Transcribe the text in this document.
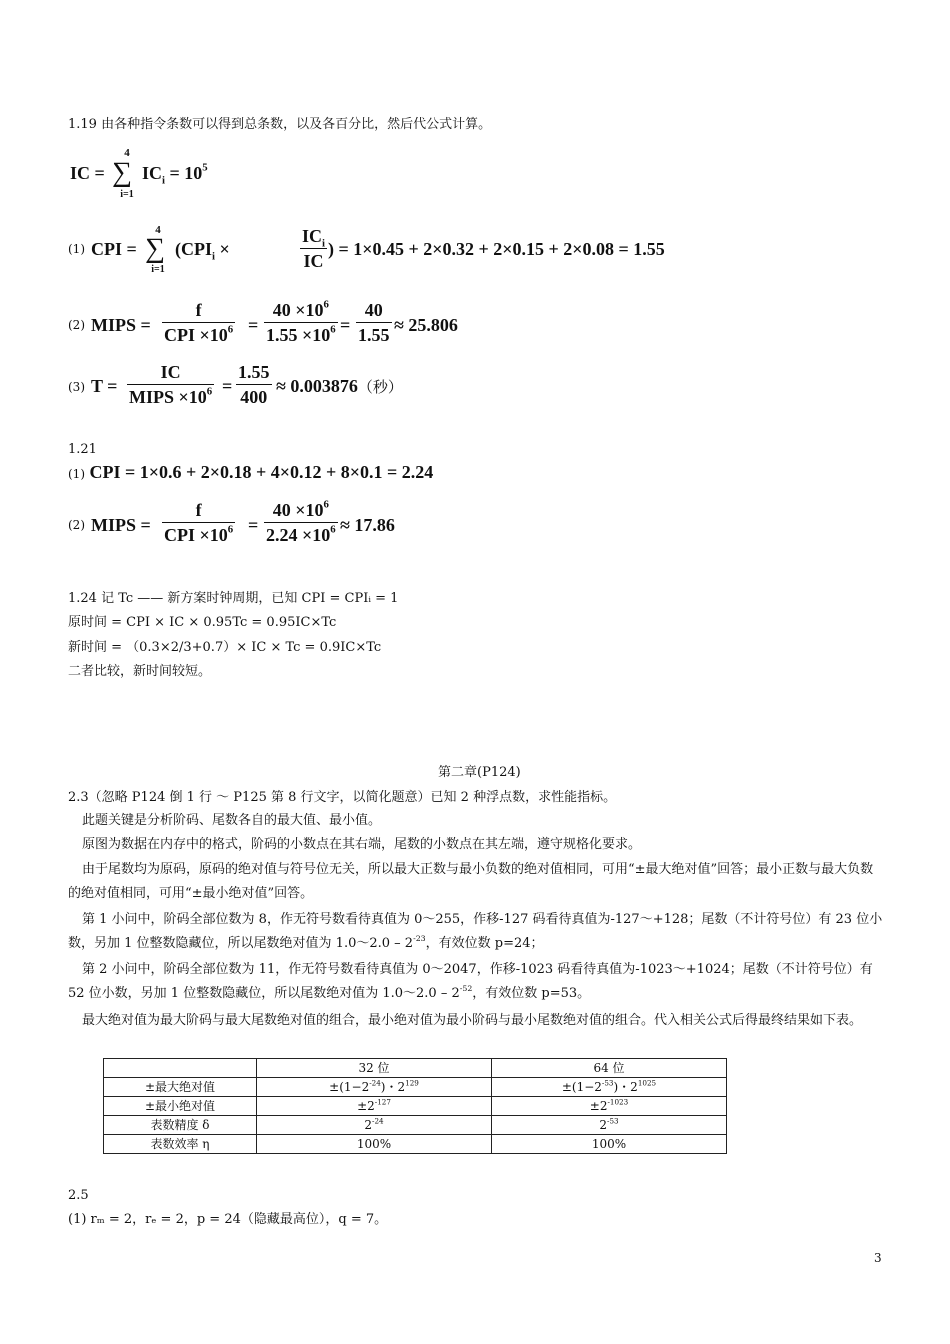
1.19 由各种指令条数可以得到总条数，以及各百分比，然后代公式计算。
IC =
4
∑
i=1
$IC_i = 10^5$
(1) CPI =
4
∑
i=1
($CPI_i$ ×
$IC_i$
IC
) = 1×0.45 + 2×0.32 + 2×0.15 + 2×0.08 = 1.55
(2) MIPS =
f
CPI $\times 10^6 = \frac{40 \times 10^6}{1.55 \times 10^6} = \frac{40}{1.55} \approx 25.806$
(3) T =
IC
MIPS $\times 10^6 = \frac{1.55}{400} \approx 0.003876$（秒）
1.21
(1) CPI = 1×0.6 + 2×0.18 + 4×0.12 + 8×0.1 = 2.24
(2) MIPS =
f
CPI $\times 10^6 = \frac{40 \times 10^6}{2.24 \times 10^6} \approx 17.86$
1.24 记 Tc —— 新方案时钟周期，已知 CPI = CPIᵢ = 1
原时间 = CPI × IC × 0.95Tc = 0.95IC×Tc
新时间 = （0.3×2/3+0.7）× IC × Tc = 0.9IC×Tc
二者比较，新时间较短。
第二章(P124)
2.3（忽略 P124 倒 1 行 ～ P125 第 8 行文字，以简化题意）已知 2 种浮点数，求性能指标。
此题关键是分析阶码、尾数各自的最大值、最小值。
原图为数据在内存中的格式，阶码的小数点在其右端，尾数的小数点在其左端，遵守规格化要求。
由于尾数均为原码，原码的绝对值与符号位无关，所以最大正数与最小负数的绝对值相同，可用“±最大绝对值”回答；最小正数与最大负数的绝对值相同，可用“±最小绝对值”回答。
第 1 小问中，阶码全部位数为 8，作无符号数看待真值为 0～255，作移-127 码看待真值为-127～+128；尾数（不计符号位）有 23 位小数，另加 1 位整数隐藏位，所以尾数绝对值为 1.0～2.0 – $2^{-23}$，有效位数 p=24；
第 2 小问中，阶码全部位数为 11，作无符号数看待真值为 0～2047，作移-1023 码看待真值为-1023～+1024；尾数（不计符号位）有 52 位小数，另加 1 位整数隐藏位，所以尾数绝对值为 1.0～2.0 – $2^{-52}$，有效位数 p=53。
最大绝对值为最大阶码与最大尾数绝对值的组合，最小绝对值为最小阶码与最小尾数绝对值的组合。代入相关公式后得最终结果如下表。
	32 位	64 位
±最大绝对值	$\pm(1-2^{-24})$・$2^{129}$	$\pm(1-2^{-53})$・$2^{1025}$
±最小绝对值	$\pm 2^{-127}$	$\pm 2^{-1023}$
表数精度 δ	$2^{-24}$	$2^{-53}$
表数效率 η	100%	100%
2.5
(1) rₘ = 2，rₑ = 2，p = 24（隐藏最高位），q = 7。
3
